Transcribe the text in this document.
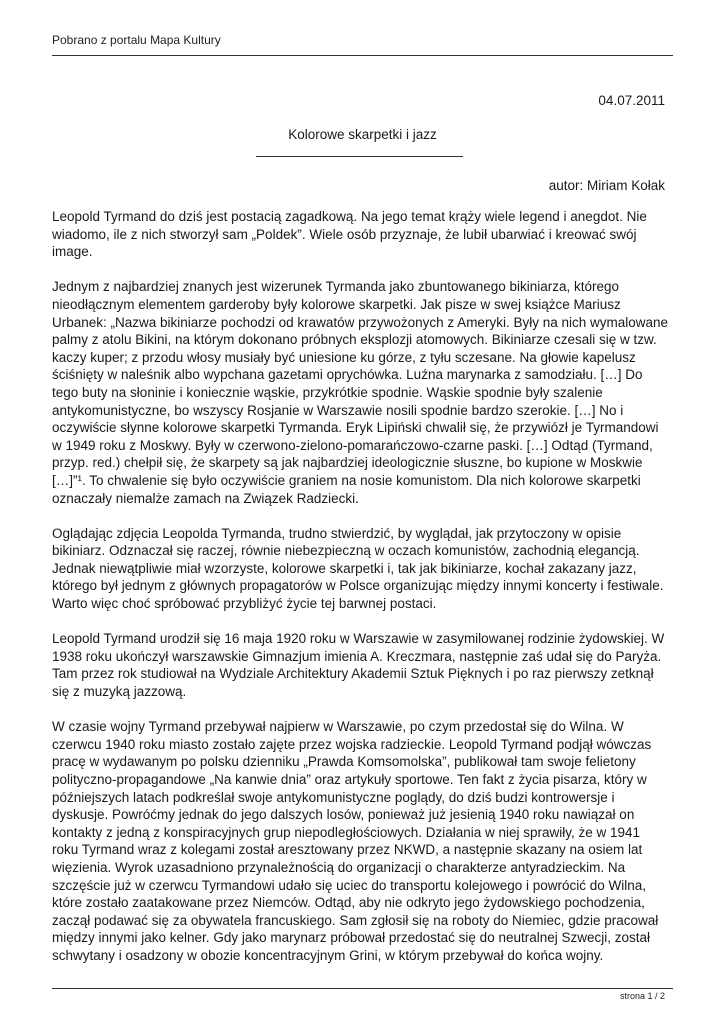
Pobrano z portalu Mapa Kultury
04.07.2011
Kolorowe skarpetki i jazz
autor: Miriam Kołak

Leopold Tyrmand do dziś jest postacią zagadkową. Na jego temat krąży wiele legend i anegdot. Nie wiadomo, ile z nich stworzył sam „Poldek”. Wiele osób przyznaje, że lubił ubarwiać i kreować swój image.

Jednym z najbardziej znanych jest wizerunek Tyrmanda jako zbuntowanego bikiniarza, którego nieodłącznym elementem garderoby były kolorowe skarpetki. Jak pisze w swej książce Mariusz Urbanek: „Nazwa bikiniarze pochodzi od krawatów przywożonych z Ameryki. Były na nich wymalowane palmy z atolu Bikini, na którym dokonano próbnych eksplozji atomowych. Bikiniarze czesali się w tzw. kaczy kuper; z przodu włosy musiały być uniesione ku górze, z tyłu sczesane. Na głowie kapelusz ściśnięty w naleśnik albo wypchana gazetami oprychówka. Luźna marynarka z samodziału. […] Do tego buty na słoninie i koniecznie wąskie, przykrótkie spodnie. Wąskie spodnie były szalenie antykomunistyczne, bo wszyscy Rosjanie w Warszawie nosili spodnie bardzo szerokie. […] No i oczywiście słynne kolorowe skarpetki Tyrmanda. Eryk Lipiński chwalił się, że przywiózł je Tyrmandowi w 1949 roku z Moskwy. Były w czerwono-zielono-pomarańczowo-czarne paski. […] Odtąd (Tyrmand, przyp. red.) chełpił się, że skarpety są jak najbardziej ideologicznie słuszne, bo kupione w Moskwie […]”¹. To chwalenie się było oczywiście graniem na nosie komunistom. Dla nich kolorowe skarpetki oznaczały niemalże zamach na Związek Radziecki.

Oglądając zdjęcia Leopolda Tyrmanda, trudno stwierdzić, by wyglądał, jak przytoczony w opisie bikiniarz. Odznaczał się raczej, równie niebezpieczną w oczach komunistów, zachodnią elegancją. Jednak niewątpliwie miał wzorzyste, kolorowe skarpetki i, tak jak bikiniarze, kochał zakazany jazz, którego był jednym z głównych propagatorów w Polsce organizując między innymi koncerty i festiwale. Warto więc choć spróbować przybliżyć życie tej barwnej postaci.

Leopold Tyrmand urodził się 16 maja 1920 roku w Warszawie w zasymilowanej rodzinie żydowskiej. W 1938 roku ukończył warszawskie Gimnazjum imienia A. Kreczmara, następnie zaś udał się do Paryża. Tam przez rok studiował na Wydziale Architektury Akademii Sztuk Pięknych i po raz pierwszy zetknął się z muzyką jazzową.

W czasie wojny Tyrmand przebywał najpierw w Warszawie, po czym przedostał się do Wilna. W czerwcu 1940 roku miasto zostało zajęte przez wojska radzieckie. Leopold Tyrmand podjął wówczas pracę w wydawanym po polsku dzienniku „Prawda Komsomolska”, publikował tam swoje felietony polityczno-propagandowe „Na kanwie dnia” oraz artykuły sportowe. Ten fakt z życia pisarza, który w późniejszych latach podkreślał swoje antykomunistyczne poglądy, do dziś budzi kontrowersje i dyskusje. Powróćmy jednak do jego dalszych losów, ponieważ już jesienią 1940 roku nawiązał on kontakty z jedną z konspiracyjnych grup niepodległościowych. Działania w niej sprawiły, że w 1941 roku Tyrmand wraz z kolegami został aresztowany przez NKWD, a następnie skazany na osiem lat więzienia. Wyrok uzasadniono przynależnością do organizacji o charakterze antyradzieckim. Na szczęście już w czerwcu Tyrmandowi udało się uciec do transportu kolejowego i powrócić do Wilna, które zostało zaatakowane przez Niemców. Odtąd, aby nie odkryto jego żydowskiego pochodzenia, zaczął podawać się za obywatela francuskiego. Sam zgłosił się na roboty do Niemiec, gdzie pracował między innymi jako kelner. Gdy jako marynarz próbował przedostać się do neutralnej Szwecji, został schwytany i osadzony w obozie koncentracyjnym Grini, w którym przebywał do końca wojny.

strona 1 / 2
